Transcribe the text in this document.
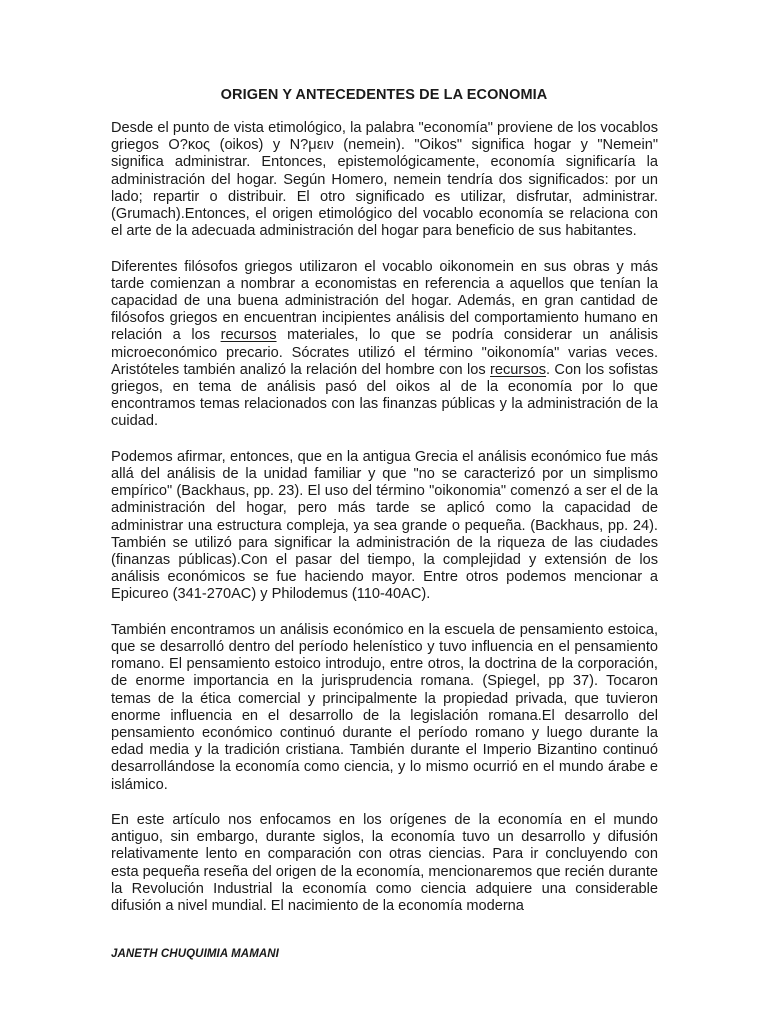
ORIGEN Y ANTECEDENTES DE LA ECONOMIA

Desde el punto de vista etimológico, la palabra "economía" proviene de los vocablos griegos O?κος (oikos) y N?μειν (nemein). "Oikos" significa hogar y "Nemein" significa administrar. Entonces, epistemológicamente, economía significaría la administración del hogar. Según Homero, nemein tendría dos significados: por un lado; repartir o distribuir. El otro significado es utilizar, disfrutar, administrar. (Grumach).Entonces, el origen etimológico del vocablo economía se relaciona con el arte de la adecuada administración del hogar para beneficio de sus habitantes.

Diferentes filósofos griegos utilizaron el vocablo oikonomein en sus obras y más tarde comienzan a nombrar a economistas en referencia a aquellos que tenían la capacidad de una buena administración del hogar. Además, en gran cantidad de filósofos griegos en encuentran incipientes análisis del comportamiento humano en relación a los recursos materiales, lo que se podría considerar un análisis microeconómico precario. Sócrates utilizó el término "oikonomía" varias veces. Aristóteles también analizó la relación del hombre con los recursos. Con los sofistas griegos, en tema de análisis pasó del oikos al de la economía por lo que encontramos temas relacionados con las finanzas públicas y la administración de la cuidad.

Podemos afirmar, entonces, que en la antigua Grecia el análisis económico fue más allá del análisis de la unidad familiar y que "no se caracterizó por un simplismo empírico" (Backhaus, pp. 23). El uso del término "oikonomia" comenzó a ser el de la administración del hogar, pero más tarde se aplicó como la capacidad de administrar una estructura compleja, ya sea grande o pequeña. (Backhaus, pp. 24). También se utilizó para significar la administración de la riqueza de las ciudades (finanzas públicas).Con el pasar del tiempo, la complejidad y extensión de los análisis económicos se fue haciendo mayor. Entre otros podemos mencionar a Epicureo (341-270AC) y Philodemus (110-40AC).

También encontramos un análisis económico en la escuela de pensamiento estoica, que se desarrolló dentro del período helenístico y tuvo influencia en el pensamiento romano. El pensamiento estoico introdujo, entre otros, la doctrina de la corporación, de enorme importancia en la jurisprudencia romana. (Spiegel, pp 37). Tocaron temas de la ética comercial y principalmente la propiedad privada, que tuvieron enorme influencia en el desarrollo de la legislación romana.El desarrollo del pensamiento económico continuó durante el período romano y luego durante la edad media y la tradición cristiana. También durante el Imperio Bizantino continuó desarrollándose la economía como ciencia, y lo mismo ocurrió en el mundo árabe e islámico.

En este artículo nos enfocamos en los orígenes de la economía en el mundo antiguo, sin embargo, durante siglos, la economía tuvo un desarrollo y difusión relativamente lento en comparación con otras ciencias. Para ir concluyendo con esta pequeña reseña del origen de la economía, mencionaremos que recién durante la Revolución Industrial la economía como ciencia adquiere una considerable difusión a nivel mundial. El nacimiento de la economía moderna

JANETH CHUQUIMIA MAMANI
